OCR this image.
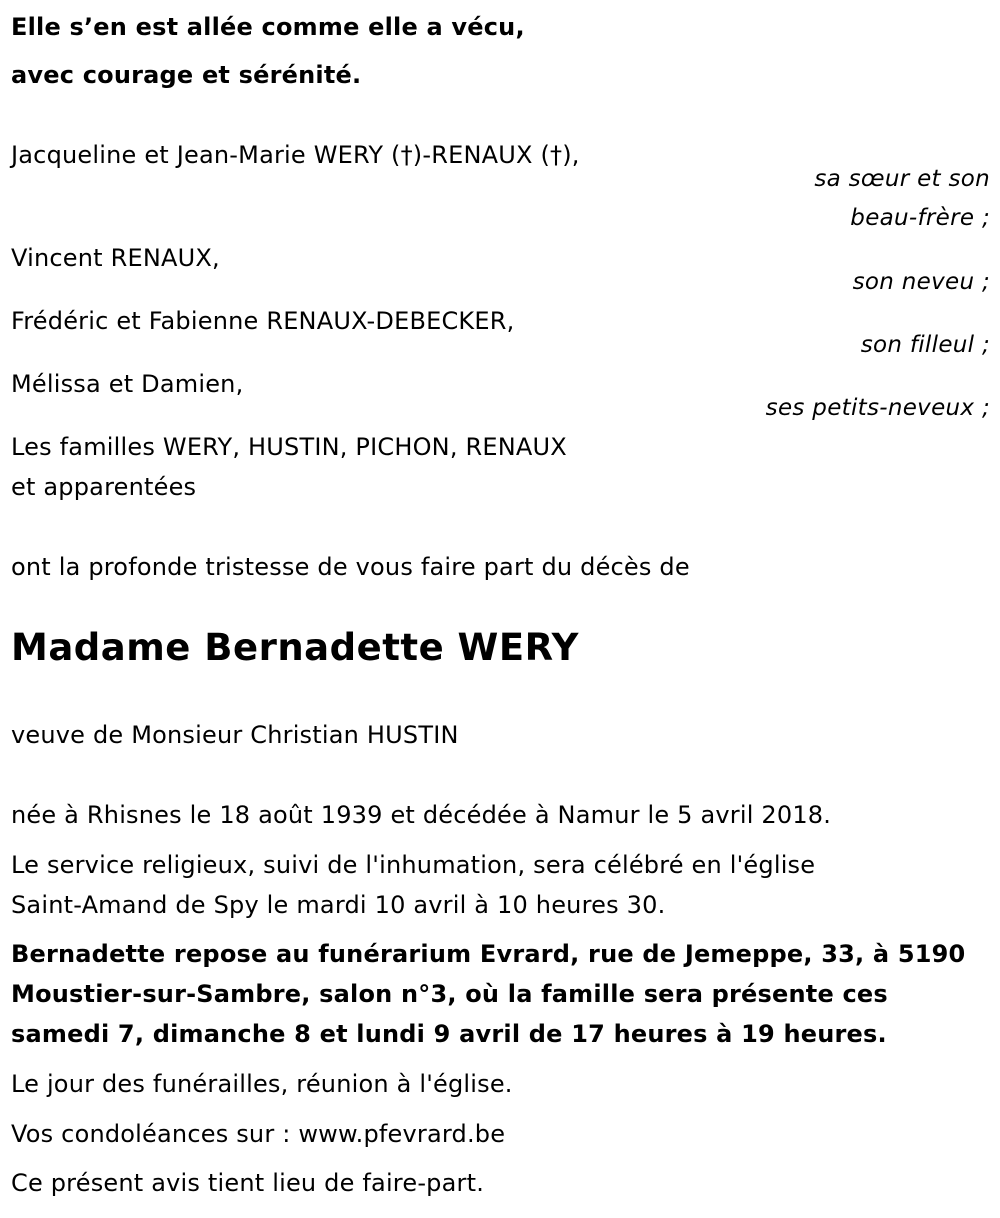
Elle s’en est allée comme elle a vécu,
avec courage et sérénité.
Jacqueline et Jean-Marie WERY (†)-RENAUX (†),
sa sœur et son
beau-frère ;
Vincent RENAUX,
son neveu ;
Frédéric et Fabienne RENAUX-DEBECKER,
son filleul ;
Mélissa et Damien,
ses petits-neveux ;
Les familles WERY, HUSTIN, PICHON, RENAUX
et apparentées
ont la profonde tristesse de vous faire part du décès de
Madame Bernadette WERY
veuve de Monsieur Christian HUSTIN
née à Rhisnes le 18 août 1939 et décédée à Namur le 5 avril 2018.
Le service religieux, suivi de l'inhumation, sera célébré en l'église
Saint-Amand de Spy le mardi 10 avril à 10 heures 30.
Bernadette repose au funérarium Evrard, rue de Jemeppe, 33, à 5190
Moustier-sur-Sambre, salon n°3, où la famille sera présente ces
samedi 7, dimanche 8 et lundi 9 avril de 17 heures à 19 heures.
Le jour des funérailles, réunion à l'église.
Vos condoléances sur : www.pfevrard.be
Ce présent avis tient lieu de faire-part.
